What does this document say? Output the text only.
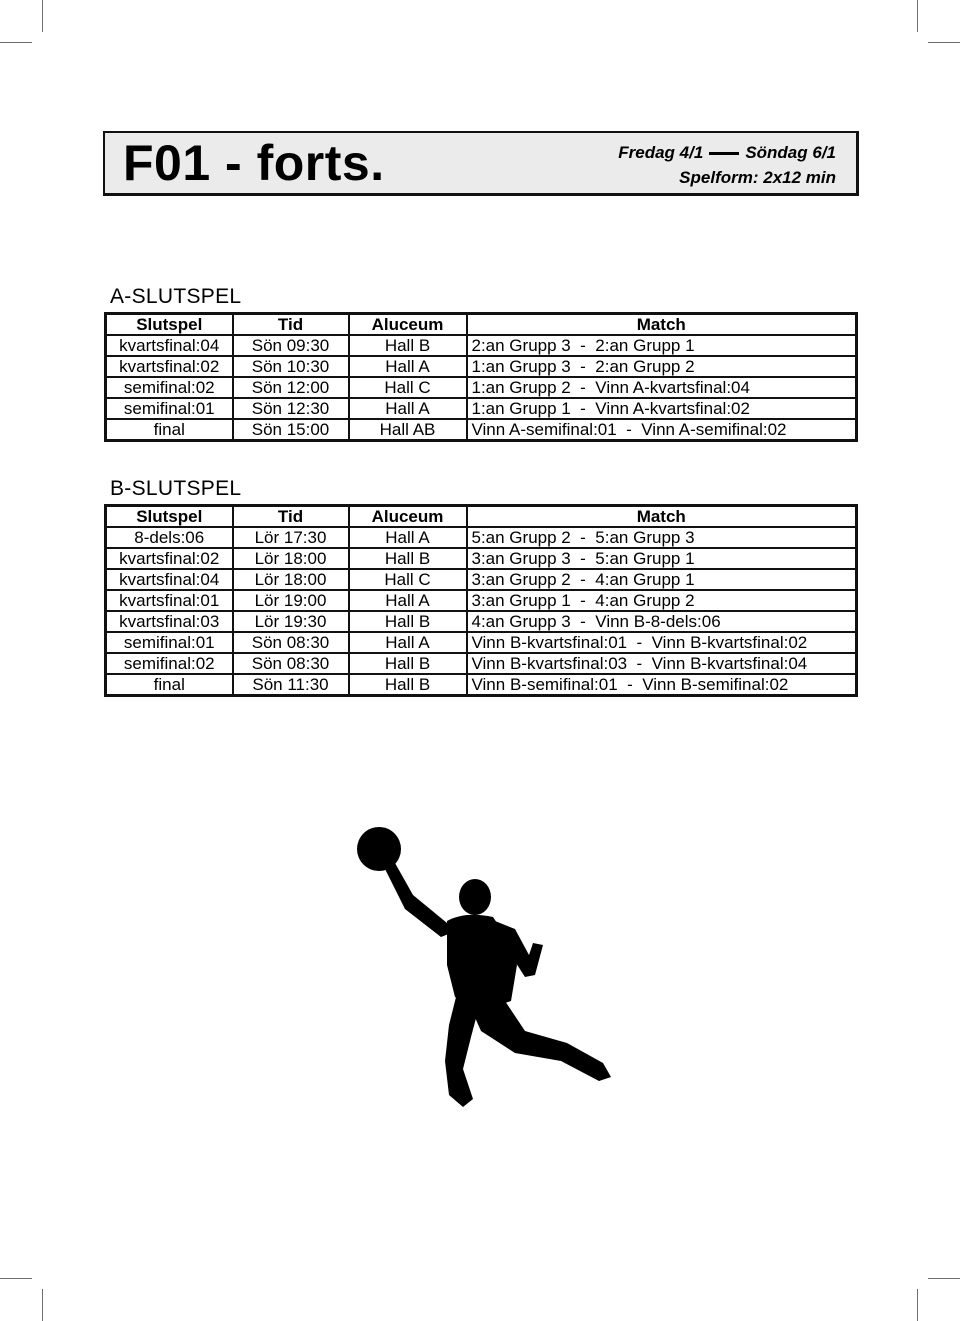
F01 - forts.	Fredag 4/1 Söndag 6/1
Spelform: 2x12 min
A-SLUTSPEL
Slutspel	Tid	Aluceum	Match
kvartsfinal:04	Sön 09:30	Hall B	2:an Grupp 3  -  2:an Grupp 1
kvartsfinal:02	Sön 10:30	Hall A	1:an Grupp 3  -  2:an Grupp 2
semifinal:02	Sön 12:00	Hall C	1:an Grupp 2  -  Vinn A-kvartsfinal:04
semifinal:01	Sön 12:30	Hall A	1:an Grupp 1  -  Vinn A-kvartsfinal:02
final	Sön 15:00	Hall AB	Vinn A-semifinal:01  -  Vinn A-semifinal:02
B-SLUTSPEL
Slutspel	Tid	Aluceum	Match
8-dels:06	Lör 17:30	Hall A	5:an Grupp 2  -  5:an Grupp 3
kvartsfinal:02	Lör 18:00	Hall B	3:an Grupp 3  -  5:an Grupp 1
kvartsfinal:04	Lör 18:00	Hall C	3:an Grupp 2  -  4:an Grupp 1
kvartsfinal:01	Lör 19:00	Hall A	3:an Grupp 1  -  4:an Grupp 2
kvartsfinal:03	Lör 19:30	Hall B	4:an Grupp 3  -  Vinn B-8-dels:06
semifinal:01	Sön 08:30	Hall A	Vinn B-kvartsfinal:01  -  Vinn B-kvartsfinal:02
semifinal:02	Sön 08:30	Hall B	Vinn B-kvartsfinal:03  -  Vinn B-kvartsfinal:04
final	Sön 11:30	Hall B	Vinn B-semifinal:01  -  Vinn B-semifinal:02
